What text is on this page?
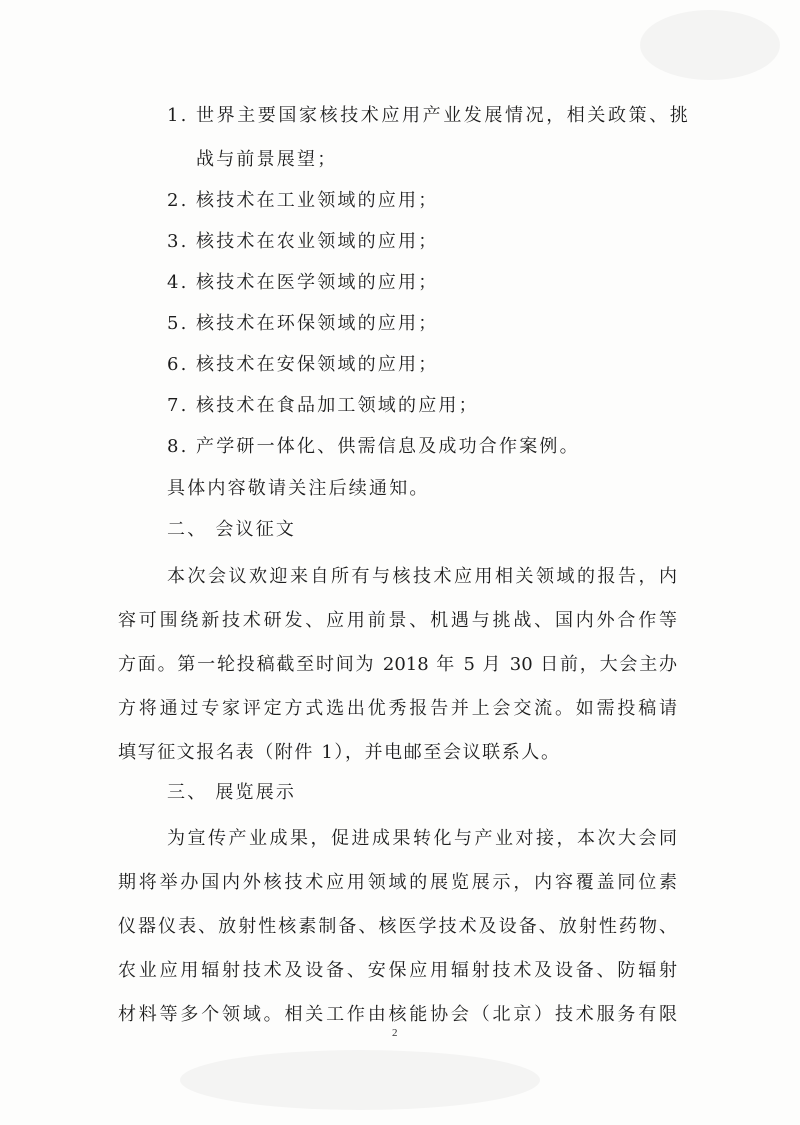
1. 世界主要国家核技术应用产业发展情况，相关政策、挑
战与前景展望；
2. 核技术在工业领域的应用；
3. 核技术在农业领域的应用；
4. 核技术在医学领域的应用；
5. 核技术在环保领域的应用；
6. 核技术在安保领域的应用；
7. 核技术在食品加工领域的应用；
8. 产学研一体化、供需信息及成功合作案例。
具体内容敬请关注后续通知。
二、 会议征文
本次会议欢迎来自所有与核技术应用相关领域的报告，内
容可围绕新技术研发、应用前景、机遇与挑战、国内外合作等
方面。第一轮投稿截至时间为 2018 年 5 月 30 日前，大会主办
方将通过专家评定方式选出优秀报告并上会交流。如需投稿请
填写征文报名表（附件 1），并电邮至会议联系人。
三、 展览展示
为宣传产业成果，促进成果转化与产业对接，本次大会同
期将举办国内外核技术应用领域的展览展示，内容覆盖同位素
仪器仪表、放射性核素制备、核医学技术及设备、放射性药物、
农业应用辐射技术及设备、安保应用辐射技术及设备、防辐射
材料等多个领域。相关工作由核能协会（北京）技术服务有限
2
